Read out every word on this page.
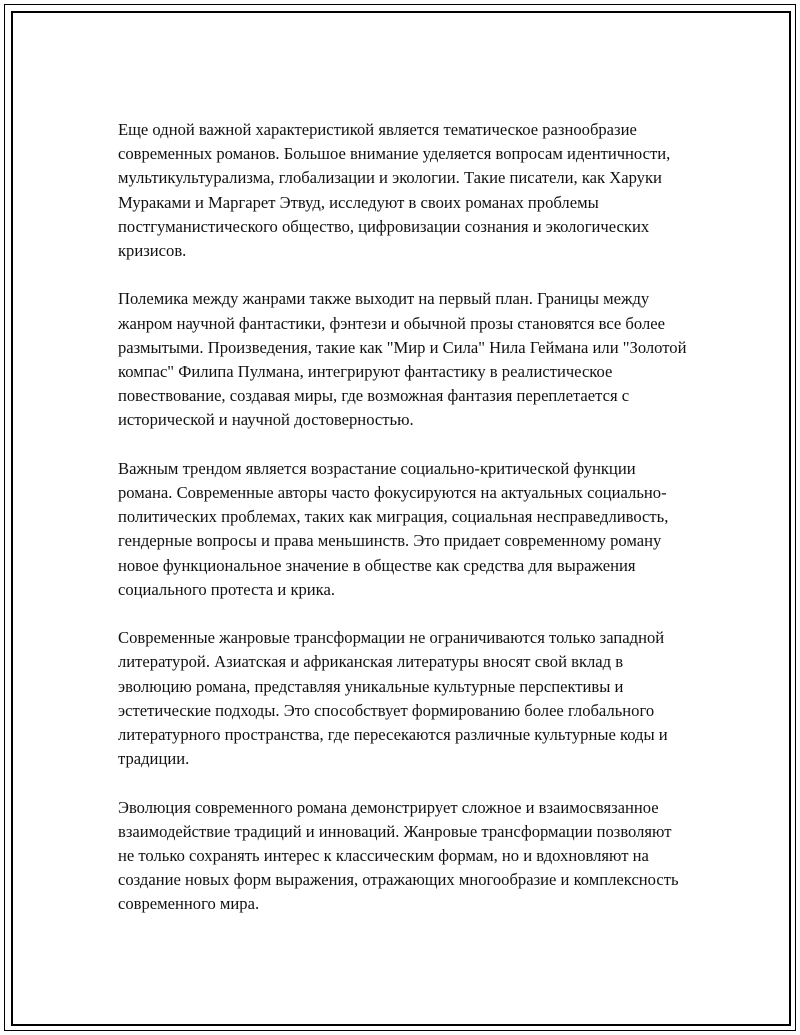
Еще одной важной характеристикой является тематическое разнообразие современных романов. Большое внимание уделяется вопросам идентичности, мультикультурализма, глобализации и экологии. Такие писатели, как Харуки Мураками и Маргарет Этвуд, исследуют в своих романах проблемы постгуманистического общество, цифровизации сознания и экологических кризисов.

Полемика между жанрами также выходит на первый план. Границы между жанром научной фантастики, фэнтези и обычной прозы становятся все более размытыми. Произведения, такие как "Мир и Сила" Нила Геймана или "Золотой компас" Филипа Пулмана, интегрируют фантастику в реалистическое повествование, создавая миры, где возможная фантазия переплетается с исторической и научной достоверностью.

Важным трендом является возрастание социально-критической функции романа. Современные авторы часто фокусируются на актуальных социально-политических проблемах, таких как миграция, социальная несправедливость, гендерные вопросы и права меньшинств. Это придает современному роману новое функциональное значение в обществе как средства для выражения социального протеста и крика.

Современные жанровые трансформации не ограничиваются только западной литературой. Азиатская и африканская литературы вносят свой вклад в эволюцию романа, представляя уникальные культурные перспективы и эстетические подходы. Это способствует формированию более глобального литературного пространства, где пересекаются различные культурные коды и традиции.

Эволюция современного романа демонстрирует сложное и взаимосвязанное взаимодействие традиций и инноваций. Жанровые трансформации позволяют не только сохранять интерес к классическим формам, но и вдохновляют на создание новых форм выражения, отражающих многообразие и комплексность современного мира.
